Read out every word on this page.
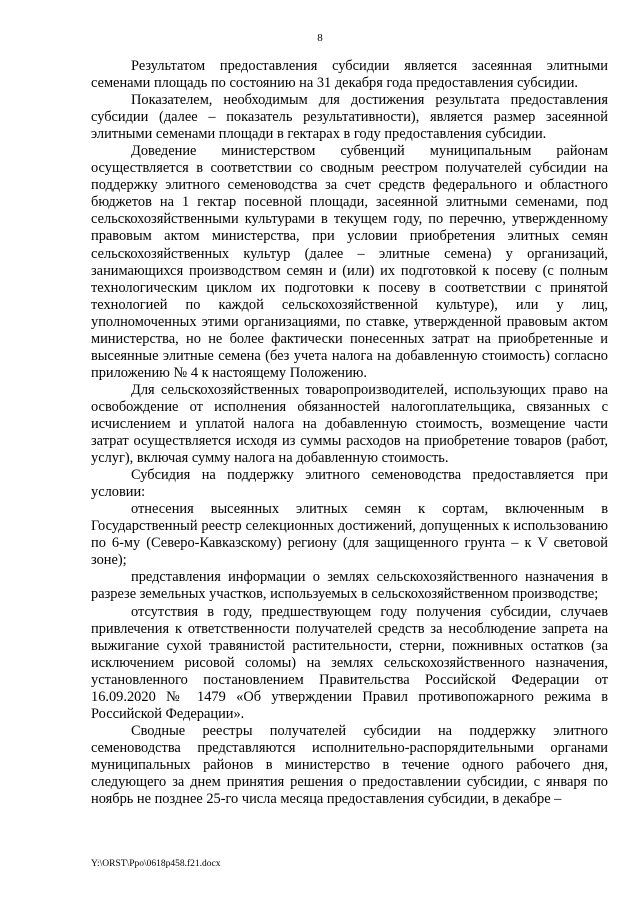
8

Результатом предоставления субсидии является засеянная элитными семенами площадь по состоянию на 31 декабря года предоставления субсидии.

Показателем, необходимым для достижения результата предоставления субсидии (далее – показатель результативности), является размер засеянной элитными семенами площади в гектарах в году предоставления субсидии.

Доведение министерством субвенций муниципальным районам осуществляется в соответствии со сводным реестром получателей субсидии на поддержку элитного семеноводства за счет средств федерального и областного бюджетов на 1 гектар посевной площади, засеянной элитными семенами, под сельскохозяйственными культурами в текущем году, по перечню, утвержденному правовым актом министерства, при условии приобретения элитных семян сельскохозяйственных культур (далее – элитные семена) у организаций, занимающихся производством семян и (или) их подготовкой к посеву (с полным технологическим циклом их подготовки к посеву в соответствии с принятой технологией по каждой сельскохозяйственной культуре), или у лиц, уполномоченных этими организациями, по ставке, утвержденной правовым актом министерства, но не более фактически понесенных затрат на приобретенные и высеянные элитные семена (без учета налога на добавленную стоимость) согласно приложению № 4 к настоящему Положению.

Для сельскохозяйственных товаропроизводителей, использующих право на освобождение от исполнения обязанностей налогоплательщика, связанных с исчислением и уплатой налога на добавленную стоимость, возмещение части затрат осуществляется исходя из суммы расходов на приобретение товаров (работ, услуг), включая сумму налога на добавленную стоимость.

Субсидия на поддержку элитного семеноводства предоставляется при условии:

отнесения высеянных элитных семян к сортам, включенным в Государственный реестр селекционных достижений, допущенных к использованию по 6-му (Северо-Кавказскому) региону (для защищенного грунта – к V световой зоне);

представления информации о землях сельскохозяйственного назначения в разрезе земельных участков, используемых в сельскохозяйственном производстве;

отсутствия в году, предшествующем году получения субсидии, случаев привлечения к ответственности получателей средств за несоблюдение запрета на выжигание сухой травянистой растительности, стерни, пожнивных остатков (за исключением рисовой соломы) на землях сельскохозяйственного назначения, установленного постановлением Правительства Российской Федерации от 16.09.2020 № 1479 «Об утверждении Правил противопожарного режима в Российской Федерации».

Сводные реестры получателей субсидии на поддержку элитного семеноводства представляются исполнительно-распорядительными органами муниципальных районов в министерство в течение одного рабочего дня, следующего за днем принятия решения о предоставлении субсидии, с января по ноябрь не позднее 25-го числа месяца предоставления субсидии, в декабре –

Y:\ORST\Ppo\0618p458.f21.docx
